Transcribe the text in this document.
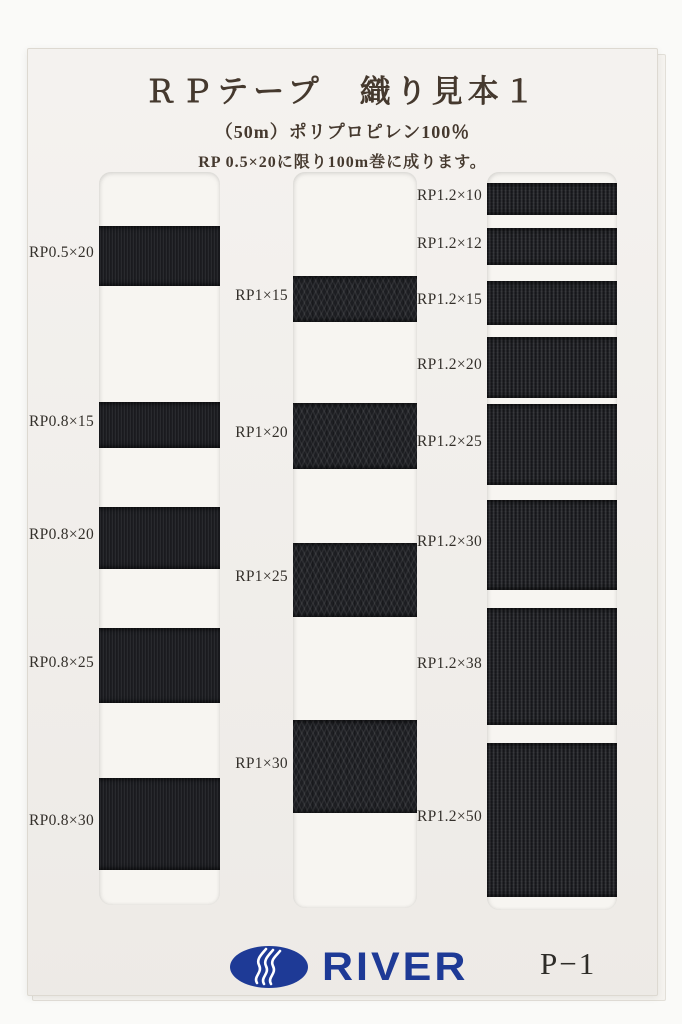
ＲＰテープ　織り見本１
（50m）ポリプロピレン100％
RP 0.5×20に限り100m巻に成ります。
RP0.5×20
RP0.8×15
RP0.8×20
RP0.8×25
RP0.8×30
RP1×15
RP1×20
RP1×25
RP1×30
RP1.2×10
RP1.2×12
RP1.2×15
RP1.2×20
RP1.2×25
RP1.2×30
RP1.2×38
RP1.2×50
RIVER P−1
